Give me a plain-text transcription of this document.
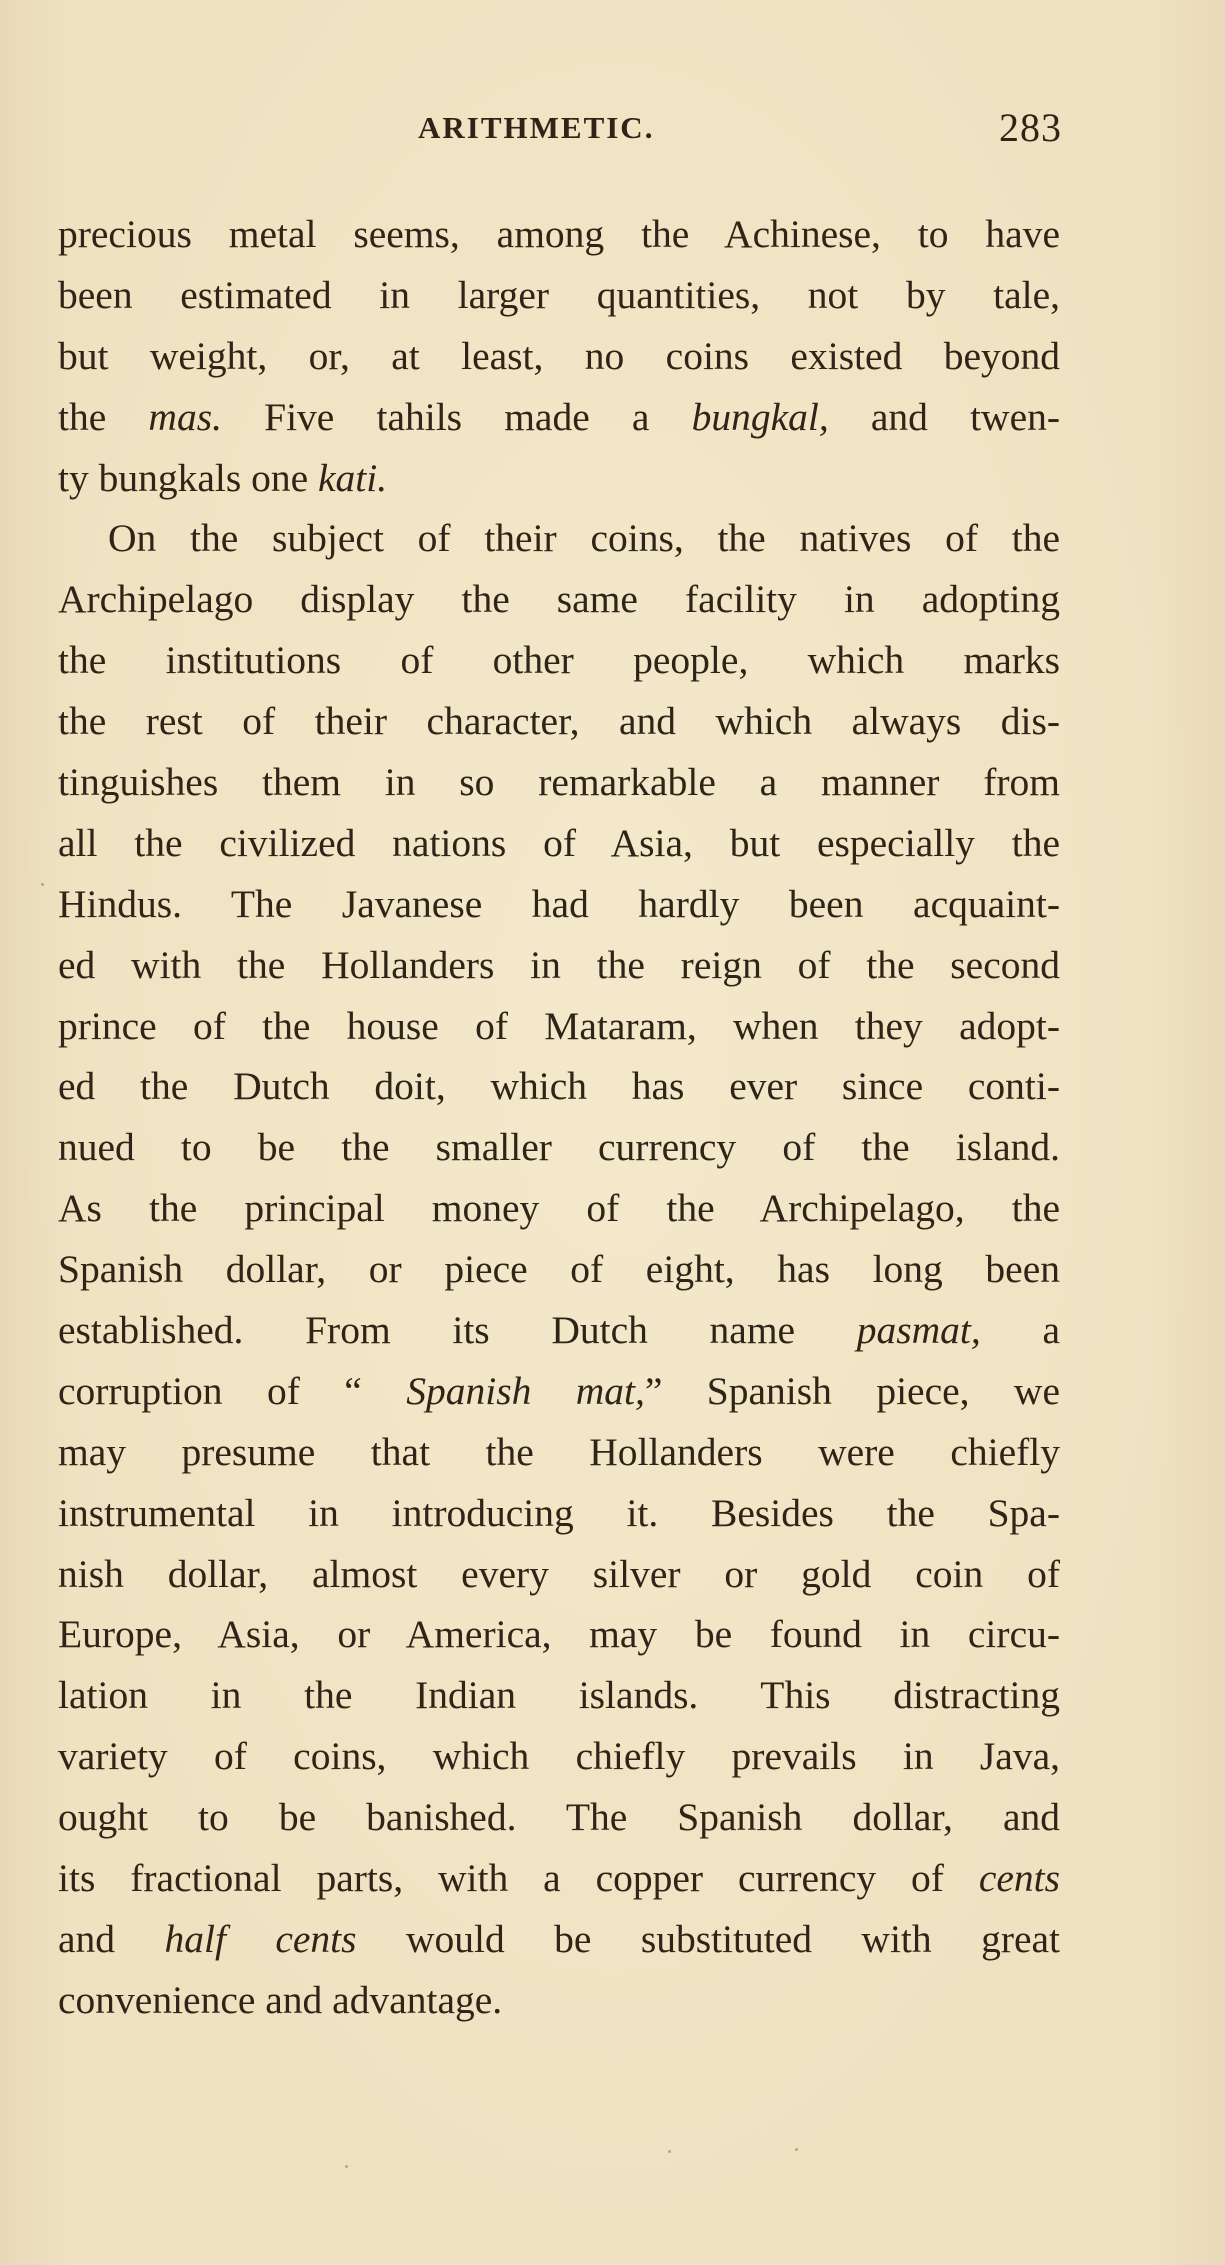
ARITHMETIC.	283
precious metal seems, among the Achinese, to have
been estimated in larger quantities, not by tale,
but weight, or, at least, no coins existed beyond
the mas. Five tahils made a bungkal, and twen-
ty bungkals one kati.
On the subject of their coins, the natives of the
Archipelago display the same facility in adopting
the institutions of other people, which marks
the rest of their character, and which always dis-
tinguishes them in so remarkable a manner from
all the civilized nations of Asia, but especially the
Hindus. The Javanese had hardly been acquaint-
ed with the Hollanders in the reign of the second
prince of the house of Mataram, when they adopt-
ed the Dutch doit, which has ever since conti-
nued to be the smaller currency of the island.
As the principal money of the Archipelago, the
Spanish dollar, or piece of eight, has long been
established. From its Dutch name pasmat, a
corruption of “ Spanish mat,” Spanish piece, we
may presume that the Hollanders were chiefly
instrumental in introducing it. Besides the Spa-
nish dollar, almost every silver or gold coin of
Europe, Asia, or America, may be found in circu-
lation in the Indian islands. This distracting
variety of coins, which chiefly prevails in Java,
ought to be banished. The Spanish dollar, and
its fractional parts, with a copper currency of cents
and half cents would be substituted with great
convenience and advantage.
